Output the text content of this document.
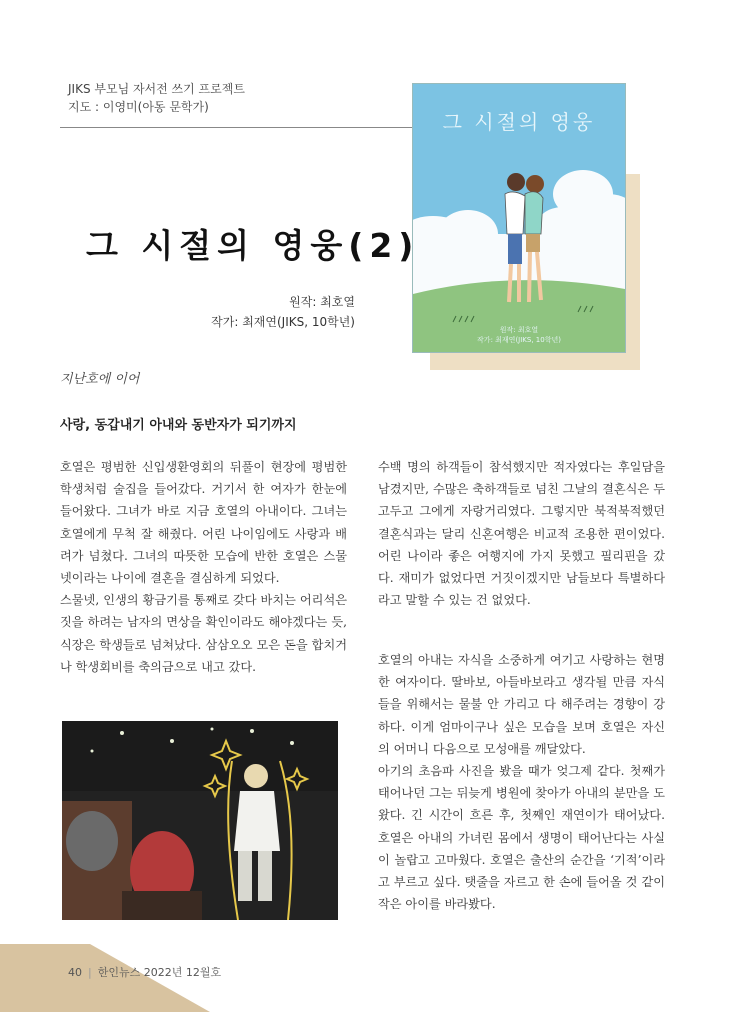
JIKS 부모님 자서전 쓰기 프로젝트
지도 : 이영미(아동 문학가)
그 시절의 영웅
원작: 최호열
작가: 최재연(JIKS, 10학년)
그 시절의 영웅(2)
원작: 최호열
작가: 최재연(JIKS, 10학년)
지난호에 이어
사랑, 동갑내기 아내와 동반자가 되기까지

호열은 평범한 신입생환영회의 뒤풀이 현장에 평범한 학생처럼 술집을 들어갔다. 거기서 한 여자가 한눈에 들어왔다. 그녀가 바로 지금 호열의 아내이다. 그녀는 호열에게 무척 잘 해줬다. 어린 나이임에도 사랑과 배려가 넘쳤다. 그녀의 따뜻한 모습에 반한 호열은 스물넷이라는 나이에 결혼을 결심하게 되었다.

스물넷, 인생의 황금기를 통째로 갖다 바치는 어리석은 짓을 하려는 남자의 면상을 확인이라도 해야겠다는 듯, 식장은 학생들로 넘쳐났다. 삼삼오오 모은 돈을 합치거나 학생회비를 축의금으로 내고 갔다.

수백 명의 하객들이 참석했지만 적자였다는 후일담을 남겼지만, 수많은 축하객들로 넘친 그날의 결혼식은 두고두고 그에게 자랑거리였다. 그렇지만 북적북적했던 결혼식과는 달리 신혼여행은 비교적 조용한 편이었다. 어린 나이라 좋은 여행지에 가지 못했고 필리핀을 갔다. 재미가 없었다면 거짓이겠지만 남들보다 특별하다라고 말할 수 있는 건 없었다.

호열의 아내는 자식을 소중하게 여기고 사랑하는 현명한 여자이다. 딸바보, 아들바보라고 생각될 만큼 자식들을 위해서는 물불 안 가리고 다 해주려는 경향이 강하다. 이게 엄마이구나 싶은 모습을 보며 호열은 자신의 어머니 다음으로 모성애를 깨달았다.

아기의 초음파 사진을 봤을 때가 엊그제 같다. 첫째가 태어나던 그는 뒤늦게 병원에 찾아가 아내의 분만을 도왔다. 긴 시간이 흐른 후, 첫째인 재연이가 태어났다. 호열은 아내의 가녀린 몸에서 생명이 태어난다는 사실이 놀랍고 고마웠다. 호열은 출산의 순간을 ‘기적’이라고 부르고 싶다. 탯줄을 자르고 한 손에 들어올 것 같이 작은 아이를 바라봤다.

40 | 한인뉴스 2022년 12월호
